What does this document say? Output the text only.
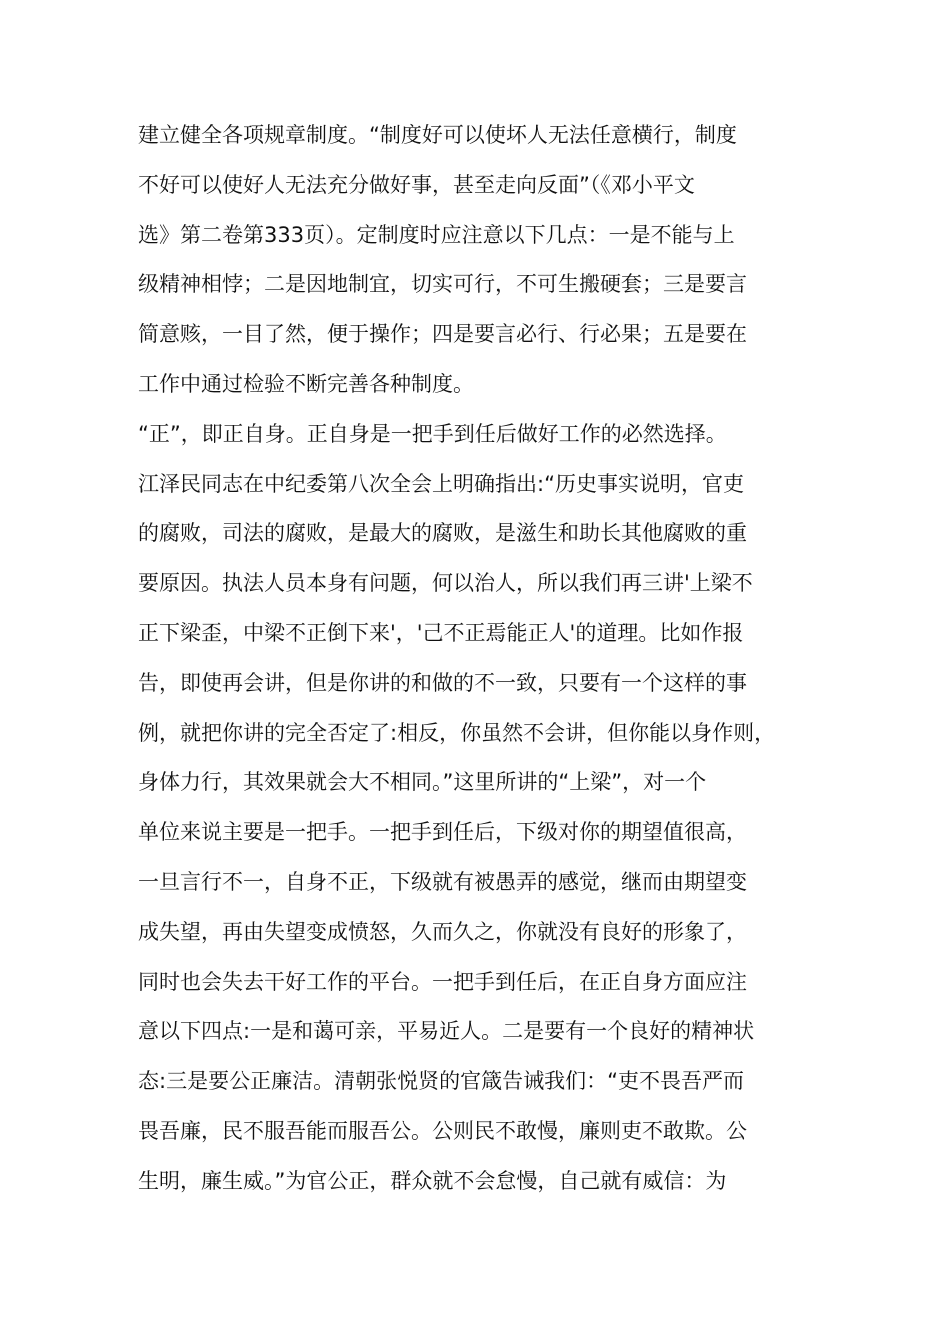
建立健全各项规章制度。“制度好可以使坏人无法任意横行，制度
不好可以使好人无法充分做好事，甚至走向反面”（《邓小平文
选》第二卷第333页）。定制度时应注意以下几点：一是不能与上
级精神相悖；二是因地制宜，切实可行，不可生搬硬套；三是要言
简意赅，一目了然，便于操作；四是要言必行、行必果；五是要在
工作中通过检验不断完善各种制度。
“正”，即正自身。正自身是一把手到任后做好工作的必然选择。
江泽民同志在中纪委第八次全会上明确指出:“历史事实说明，官吏
的腐败，司法的腐败，是最大的腐败，是滋生和助长其他腐败的重
要原因。执法人员本身有问题，何以治人，所以我们再三讲'上梁不
正下梁歪，中梁不正倒下来'，'己不正焉能正人'的道理。比如作报
告，即使再会讲，但是你讲的和做的不一致，只要有一个这样的事
例，就把你讲的完全否定了:相反，你虽然不会讲，但你能以身作则，
身体力行，其效果就会大不相同。”这里所讲的“上梁”，对一个
单位来说主要是一把手。一把手到任后，下级对你的期望值很高，
一旦言行不一，自身不正，下级就有被愚弄的感觉，继而由期望变
成失望，再由失望变成愤怒，久而久之，你就没有良好的形象了，
同时也会失去干好工作的平台。一把手到任后，在正自身方面应注
意以下四点:一是和蔼可亲，平易近人。二是要有一个良好的精神状
态:三是要公正廉洁。清朝张悦贤的官箴告诫我们：“吏不畏吾严而
畏吾廉，民不服吾能而服吾公。公则民不敢慢，廉则吏不敢欺。公
生明，廉生威。”为官公正，群众就不会怠慢，自己就有威信：为
